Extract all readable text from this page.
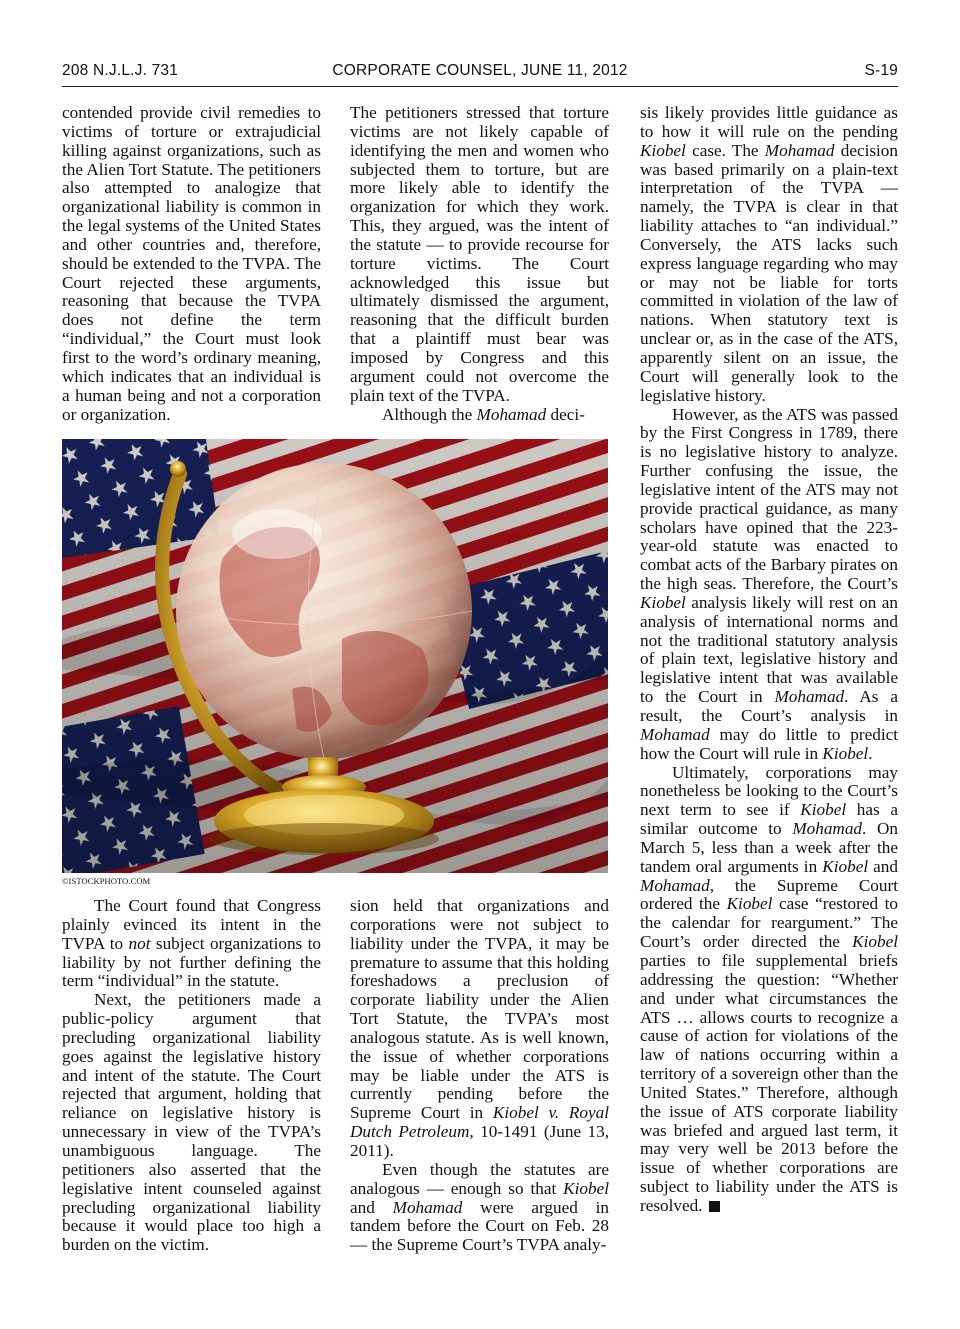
208 N.J.L.J. 731	CORPORATE COUNSEL, JUNE 11, 2012	S-19

contended provide civil remedies to victims of torture or extrajudicial killing against organizations, such as the Alien Tort Statute. The petitioners also attempted to analogize that organizational liability is common in the legal systems of the United States and other countries and, therefore, should be extended to the TVPA. The Court rejected these arguments, reasoning that because the TVPA does not define the term “individual,” the Court must look first to the word’s ordinary meaning, which indicates that an individual is a human being and not a corporation or organization.

The petitioners stressed that torture victims are not likely capable of identifying the men and women who subjected them to torture, but are more likely able to identify the organization for which they work. This, they argued, was the intent of the statute — to provide recourse for torture victims. The Court acknowledged this issue but ultimately dismissed the argument, reasoning that the difficult burden that a plaintiff must bear was imposed by Congress and this argument could not overcome the plain text of the TVPA.

Although the Mohamad deci-

©ISTOCKPHOTO.COM

The Court found that Congress plainly evinced its intent in the TVPA to not subject organizations to liability by not further defining the term “individual” in the statute.

Next, the petitioners made a public-policy argument that precluding organizational liability goes against the legislative history and intent of the statute. The Court rejected that argument, holding that reliance on legislative history is unnecessary in view of the TVPA’s unambiguous language. The petitioners also asserted that the legislative intent counseled against precluding organizational liability because it would place too high a burden on the victim.

sion held that organizations and corporations were not subject to liability under the TVPA, it may be premature to assume that this holding foreshadows a preclusion of corporate liability under the Alien Tort Statute, the TVPA’s most analogous statute. As is well known, the issue of whether corporations may be liable under the ATS is currently pending before the Supreme Court in Kiobel v. Royal Dutch Petroleum, 10-1491 (June 13, 2011).

Even though the statutes are analogous — enough so that Kiobel and Mohamad were argued in tandem before the Court on Feb. 28 — the Supreme Court’s TVPA analy-

sis likely provides little guidance as to how it will rule on the pending Kiobel case. The Mohamad decision was based primarily on a plain-text interpretation of the TVPA — namely, the TVPA is clear in that liability attaches to “an individual.” Conversely, the ATS lacks such express language regarding who may or may not be liable for torts committed in violation of the law of nations. When statutory text is unclear or, as in the case of the ATS, apparently silent on an issue, the Court will generally look to the legislative history.

However, as the ATS was passed by the First Congress in 1789, there is no legislative history to analyze. Further confusing the issue, the legislative intent of the ATS may not provide practical guidance, as many scholars have opined that the 223-year-old statute was enacted to combat acts of the Barbary pirates on the high seas. Therefore, the Court’s Kiobel analysis likely will rest on an analysis of international norms and not the traditional statutory analysis of plain text, legislative history and legislative intent that was available to the Court in Mohamad. As a result, the Court’s analysis in Mohamad may do little to predict how the Court will rule in Kiobel.

Ultimately, corporations may nonetheless be looking to the Court’s next term to see if Kiobel has a similar outcome to Mohamad. On March 5, less than a week after the tandem oral arguments in Kiobel and Mohamad, the Supreme Court ordered the Kiobel case “restored to the calendar for reargument.” The Court’s order directed the Kiobel parties to file supplemental briefs addressing the question: “Whether and under what circumstances the ATS … allows courts to recognize a cause of action for violations of the law of nations occurring within a territory of a sovereign other than the United States.” Therefore, although the issue of ATS corporate liability was briefed and argued last term, it may very well be 2013 before the issue of whether corporations are subject to liability under the ATS is resolved.
